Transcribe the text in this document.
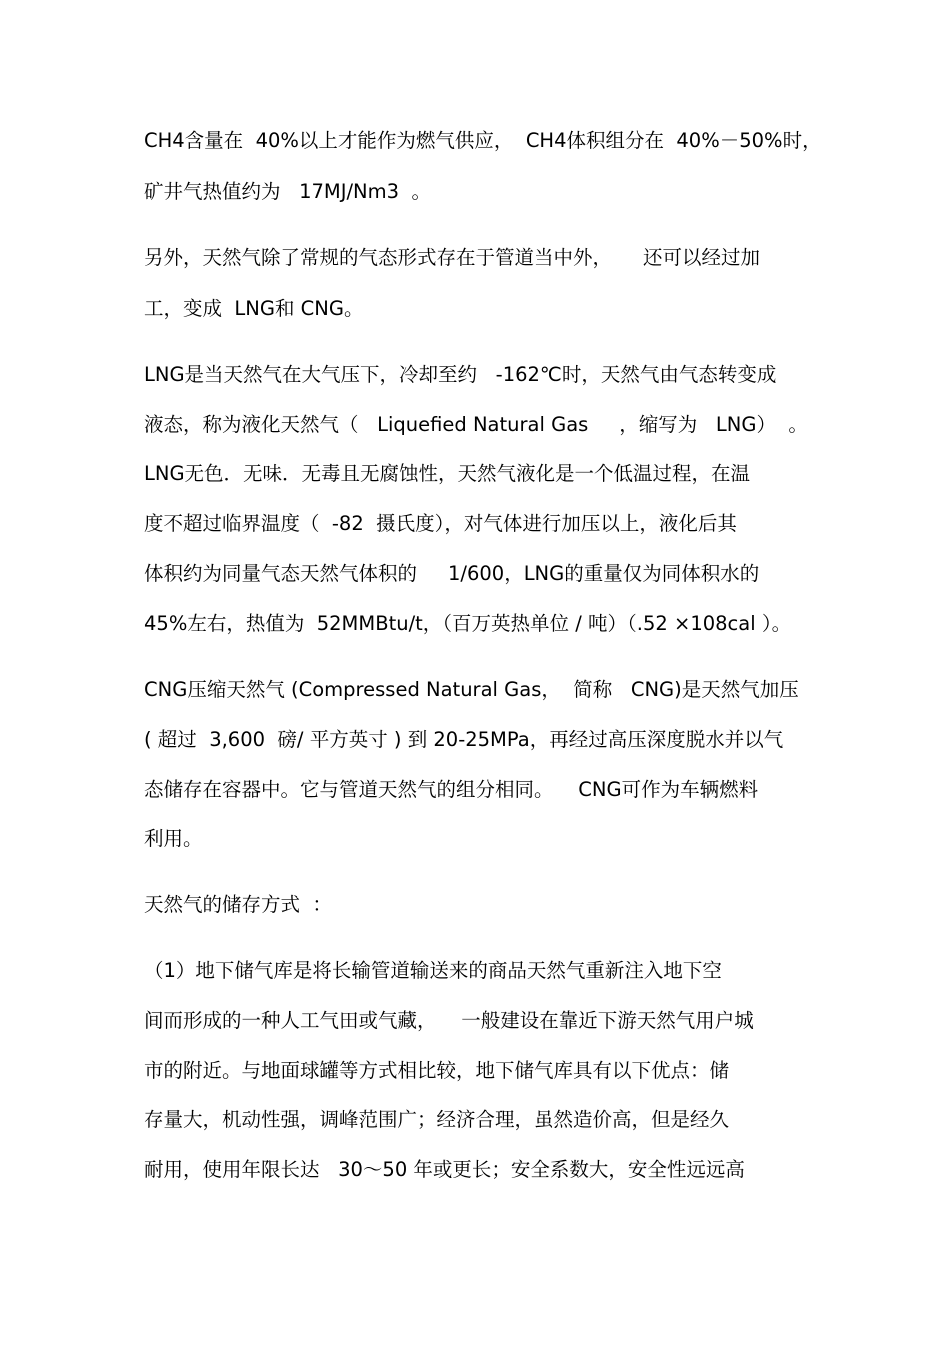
CH4含量在  40%以上才能作为燃气供应，  CH4体积组分在  40%－50%时，
矿井气热值约为   17MJ/Nm3  。
另外，天然气除了常规的气态形式存在于管道当中外，     还可以经过加
工，变成  LNG和 CNG。
LNG是当天然气在大气压下，冷却至约   -162℃时，天然气由气态转变成
液态，称为液化天然气（   Liquefied Natural Gas     ，缩写为   LNG）  。
LNG无色．无味．无毒且无腐蚀性，天然气液化是一个低温过程，在温
度不超过临界温度（  -82  摄氏度），对气体进行加压以上，液化后其
体积约为同量气态天然气体积的     1/600，LNG的重量仅为同体积水的
45%左右，热值为  52MMBtu/t，（百万英热单位 / 吨）（.52 ×108cal ）。
CNG压缩天然气 (Compressed Natural Gas，  简称   CNG)是天然气加压
( 超过  3,600  磅/ 平方英寸 ) 到 20-25MPa，再经过高压深度脱水并以气
态储存在容器中。它与管道天然气的组分相同。    CNG可作为车辆燃料
利用。
天然气的储存方式  ：
（1）地下储气库是将长输管道输送来的商品天然气重新注入地下空
间而形成的一种人工气田或气藏，    一般建设在靠近下游天然气用户城
市的附近。与地面球罐等方式相比较，地下储气库具有以下优点：储
存量大，机动性强，调峰范围广；经济合理，虽然造价高，但是经久
耐用，使用年限长达   30～50 年或更长；安全系数大，安全性远远高
